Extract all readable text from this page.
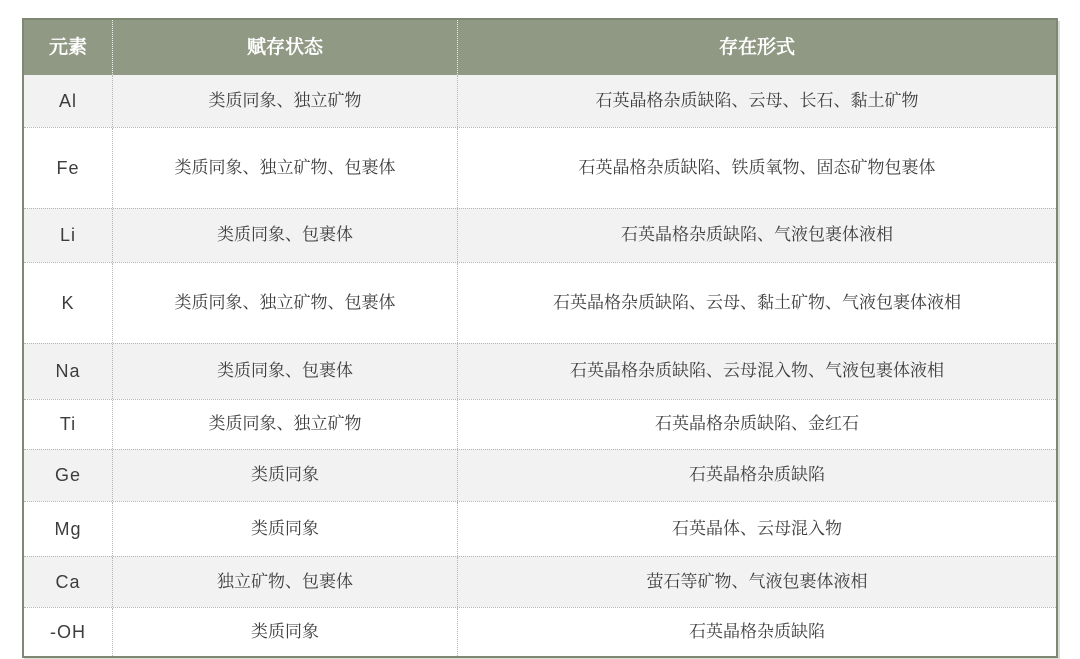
元素	赋存状态	存在形式
Al	类质同象、独立矿物	石英晶格杂质缺陷、云母、长石、黏土矿物
Fe	类质同象、独立矿物、包裹体	石英晶格杂质缺陷、铁质氧物、固态矿物包裹体
Li	类质同象、包裹体	石英晶格杂质缺陷、气液包裹体液相
K	类质同象、独立矿物、包裹体	石英晶格杂质缺陷、云母、黏土矿物、气液包裹体液相
Na	类质同象、包裹体	石英晶格杂质缺陷、云母混入物、气液包裹体液相
Ti	类质同象、独立矿物	石英晶格杂质缺陷、金红石
Ge	类质同象	石英晶格杂质缺陷
Mg	类质同象	石英晶体、云母混入物
Ca	独立矿物、包裹体	萤石等矿物、气液包裹体液相
-OH	类质同象	石英晶格杂质缺陷
